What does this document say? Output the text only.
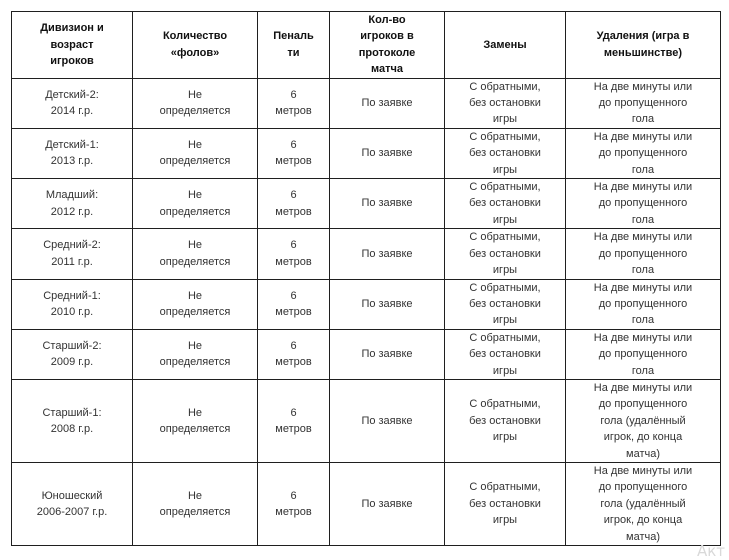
Дивизион и
возраст
игроков	Количество
«фолов»	Пеналь
ти	Кол-во
игроков в
протоколе
матча	Замены	Удаления (игра в
меньшинстве)

Детский-2:
2014 г.р.	Не
определяется	6
метров	По заявке	С обратными,
без остановки
игры	На две минуты или
до пропущенного
гола

Детский-1:
2013 г.р.	Не
определяется	6
метров	По заявке	С обратными,
без остановки
игры	На две минуты или
до пропущенного
гола

Младший:
2012 г.р.	Не
определяется	6
метров	По заявке	С обратными,
без остановки
игры	На две минуты или
до пропущенного
гола

Средний-2:
2011 г.р.	Не
определяется	6
метров	По заявке	С обратными,
без остановки
игры	На две минуты или
до пропущенного
гола

Средний-1:
2010 г.р.	Не
определяется	6
метров	По заявке	С обратными,
без остановки
игры	На две минуты или
до пропущенного
гола

Старший-2:
2009 г.р.	Не
определяется	6
метров	По заявке	С обратными,
без остановки
игры	На две минуты или
до пропущенного
гола

Старший-1:
2008 г.р.	Не
определяется	6
метров	По заявке	С обратными,
без остановки
игры	На две минуты или
до пропущенного
гола (удалённый
игрок, до конца
матча)

Юношеский
2006-2007 г.р.	Не
определяется	6
метров	По заявке	С обратными,
без остановки
игры	На две минуты или
до пропущенного
гола (удалённый
игрок, до конца
матча)
Акт
